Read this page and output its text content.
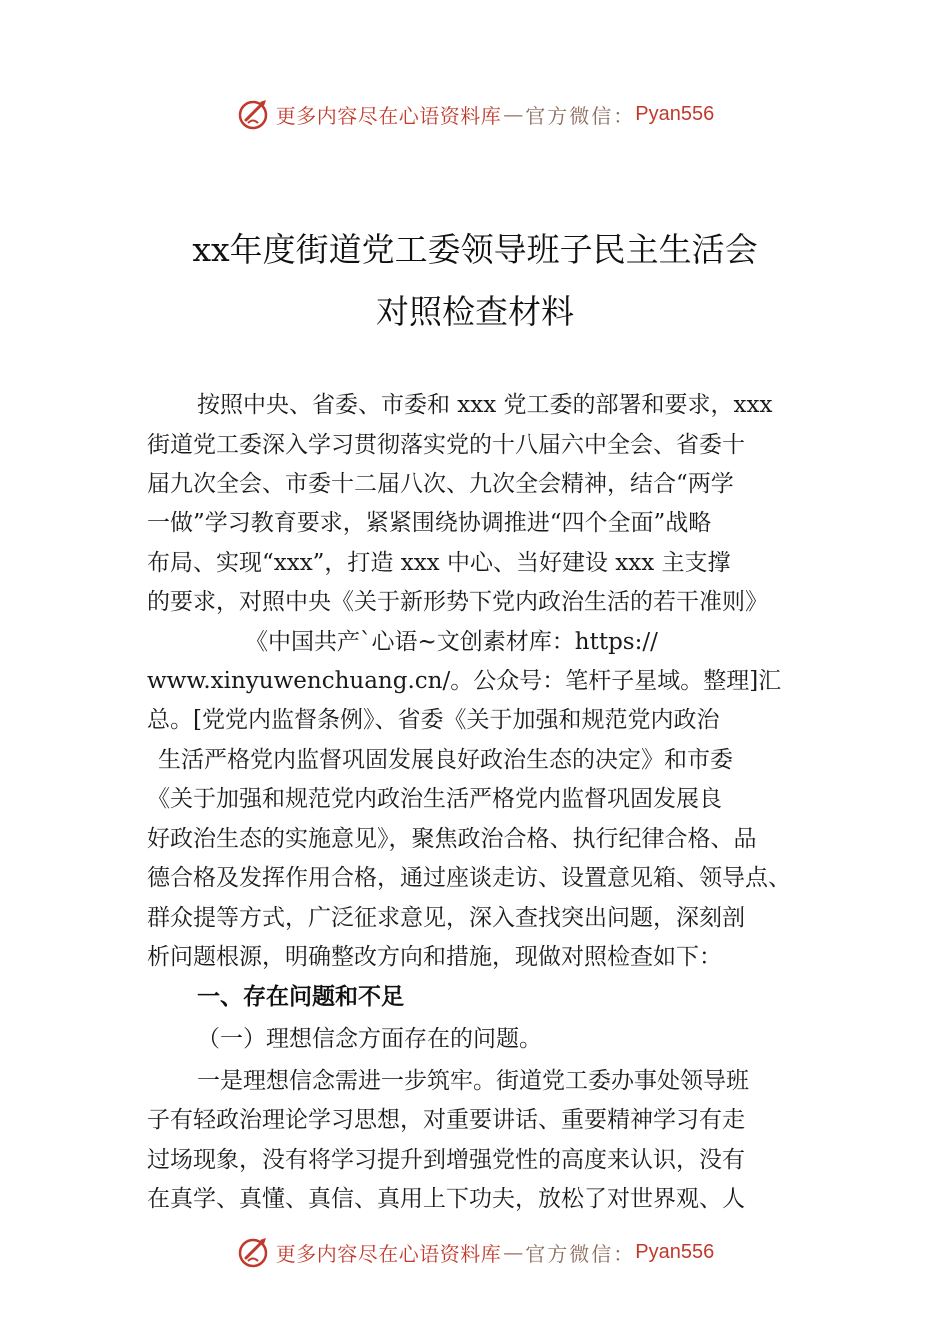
更多内容尽在心语资料库 — 官方微信： Pyan556
xx年度街道党工委领导班子民主生活会
对照检查材料
按照中央、省委、市委和 xxx 党工委的部署和要求，xxx
街道党工委深入学习贯彻落实党的十八届六中全会、省委十
届九次全会、市委十二届八次、九次全会精神，结合“两学
一做”学习教育要求，紧紧围绕协调推进“四个全面”战略
布局、实现“xxx”，打造 xxx 中心、当好建设 xxx 主支撑
的要求，对照中央《关于新形势下党内政治生活的若干准则》
《中国共产`心语~文创素材库：https://
www.xinyuwenchuang.cn/。公众号：笔杆子星域。整理]汇
总。[党党内监督条例》、省委《关于加强和规范党内政治
生活严格党内监督巩固发展良好政治生态的决定》和市委
《关于加强和规范党内政治生活严格党内监督巩固发展良
好政治生态的实施意见》，聚焦政治合格、执行纪律合格、品
德合格及发挥作用合格，通过座谈走访、设置意见箱、领导点、
群众提等方式，广泛征求意见，深入查找突出问题，深刻剖
析问题根源，明确整改方向和措施，现做对照检查如下：
一、存在问题和不足
（一）理想信念方面存在的问题。
一是理想信念需进一步筑牢。街道党工委办事处领导班
子有轻政治理论学习思想，对重要讲话、重要精神学习有走
过场现象，没有将学习提升到增强党性的高度来认识，没有
在真学、真懂、真信、真用上下功夫，放松了对世界观、人
更多内容尽在心语资料库 — 官方微信： Pyan556
